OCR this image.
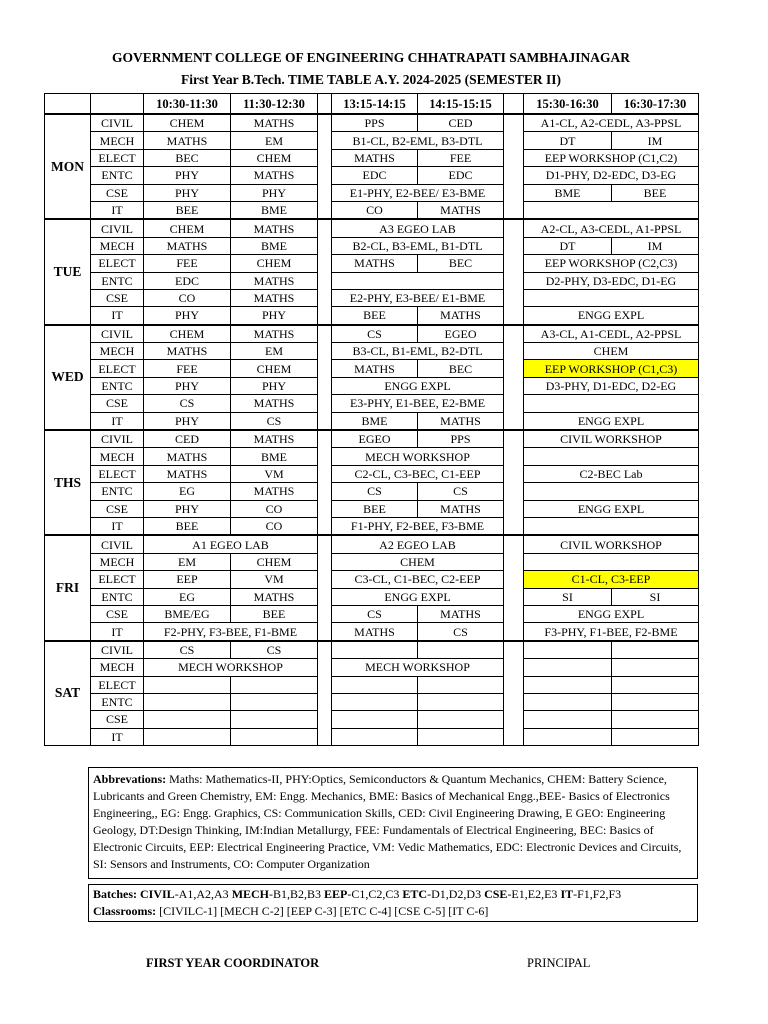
GOVERNMENT COLLEGE OF ENGINEERING CHHATRAPATI SAMBHAJINAGAR
First Year B.Tech. TIME TABLE A.Y. 2024-2025 (SEMESTER II)
		10:30-11:30	11:30-12:30		13:15-14:15	14:15-15:15		15:30-16:30	16:30-17:30
MON	CIVIL	CHEM	MATHS		PPS	CED		A1-CL, A2-CEDL, A3-PPSL	
	MECH	MATHS	EM		B1-CL, B2-EML, B3-DTL			DT	IM
	ELECT	BEC	CHEM		MATHS	FEE		EEP WORKSHOP (C1,C2)	
	ENTC	PHY	MATHS		EDC	EDC		D1-PHY, D2-EDC, D3-EG	
	CSE	PHY	PHY		E1-PHY, E2-BEE/ E3-BME			BME	BEE
	IT	BEE	BME		CO	MATHS			
TUE	CIVIL	CHEM	MATHS		A3 EGEO LAB			A2-CL, A3-CEDL, A1-PPSL	
	MECH	MATHS	BME		B2-CL, B3-EML, B1-DTL			DT	IM
	ELECT	FEE	CHEM		MATHS	BEC		EEP WORKSHOP (C2,C3)	
	ENTC	EDC	MATHS					D2-PHY, D3-EDC, D1-EG	
	CSE	CO	MATHS		E2-PHY, E3-BEE/ E1-BME				
	IT	PHY	PHY		BEE	MATHS		ENGG EXPL	
WED	CIVIL	CHEM	MATHS		CS	EGEO		A3-CL, A1-CEDL, A2-PPSL	
	MECH	MATHS	EM		B3-CL, B1-EML, B2-DTL			CHEM	
	ELECT	FEE	CHEM		MATHS	BEC		EEP WORKSHOP (C1,C3)	
	ENTC	PHY	PHY		ENGG EXPL			D3-PHY, D1-EDC, D2-EG	
	CSE	CS	MATHS		E3-PHY, E1-BEE, E2-BME				
	IT	PHY	CS		BME	MATHS		ENGG EXPL	
THS	CIVIL	CED	MATHS		EGEO	PPS		CIVIL WORKSHOP	
	MECH	MATHS	BME		MECH WORKSHOP				
	ELECT	MATHS	VM		C2-CL, C3-BEC, C1-EEP			C2-BEC Lab	
	ENTC	EG	MATHS		CS	CS			
	CSE	PHY	CO		BEE	MATHS		ENGG EXPL	
	IT	BEE	CO		F1-PHY, F2-BEE, F3-BME				
FRI	CIVIL	A1 EGEO LAB			A2 EGEO LAB			CIVIL WORKSHOP	
	MECH	EM	CHEM		CHEM				
	ELECT	EEP	VM		C3-CL, C1-BEC, C2-EEP			C1-CL, C3-EEP	
	ENTC	EG	MATHS		ENGG EXPL			SI	SI
	CSE	BME/EG	BEE		CS	MATHS		ENGG EXPL	
	IT	F2-PHY, F3-BEE, F1-BME			MATHS	CS		F3-PHY, F1-BEE, F2-BME	
SAT	CIVIL	CS	CS						
	MECH	MECH WORKSHOP			MECH WORKSHOP				
	ELECT								
	ENTC								
	CSE								
	IT								
Abbrevations: Maths: Mathematics-II, PHY:Optics, Semiconductors & Quantum Mechanics, CHEM: Battery Science, Lubricants and Green Chemistry, EM: Engg. Mechanics, BME: Basics of Mechanical Engg.,BEE- Basics of Electronics Engineering,, EG: Engg. Graphics, CS: Communication Skills, CED: Civil Engineering Drawing, E GEO: Engineering Geology, DT:Design Thinking, IM:Indian Metallurgy, FEE: Fundamentals of Electrical Engineering, BEC: Basics of Electronic Circuits, EEP: Electrical Engineering Practice, VM: Vedic Mathematics, EDC: Electronic Devices and Circuits, SI: Sensors and Instruments, CO: Computer Organization
Batches: CIVIL-A1,A2,A3 MECH-B1,B2,B3 EEP-C1,C2,C3 ETC-D1,D2,D3 CSE-E1,E2,E3 IT-F1,F2,F3
Classrooms: [CIVILC-1] [MECH C-2] [EEP C-3] [ETC C-4] [CSE C-5] [IT C-6]
FIRST YEAR COORDINATOR	PRINCIPAL
